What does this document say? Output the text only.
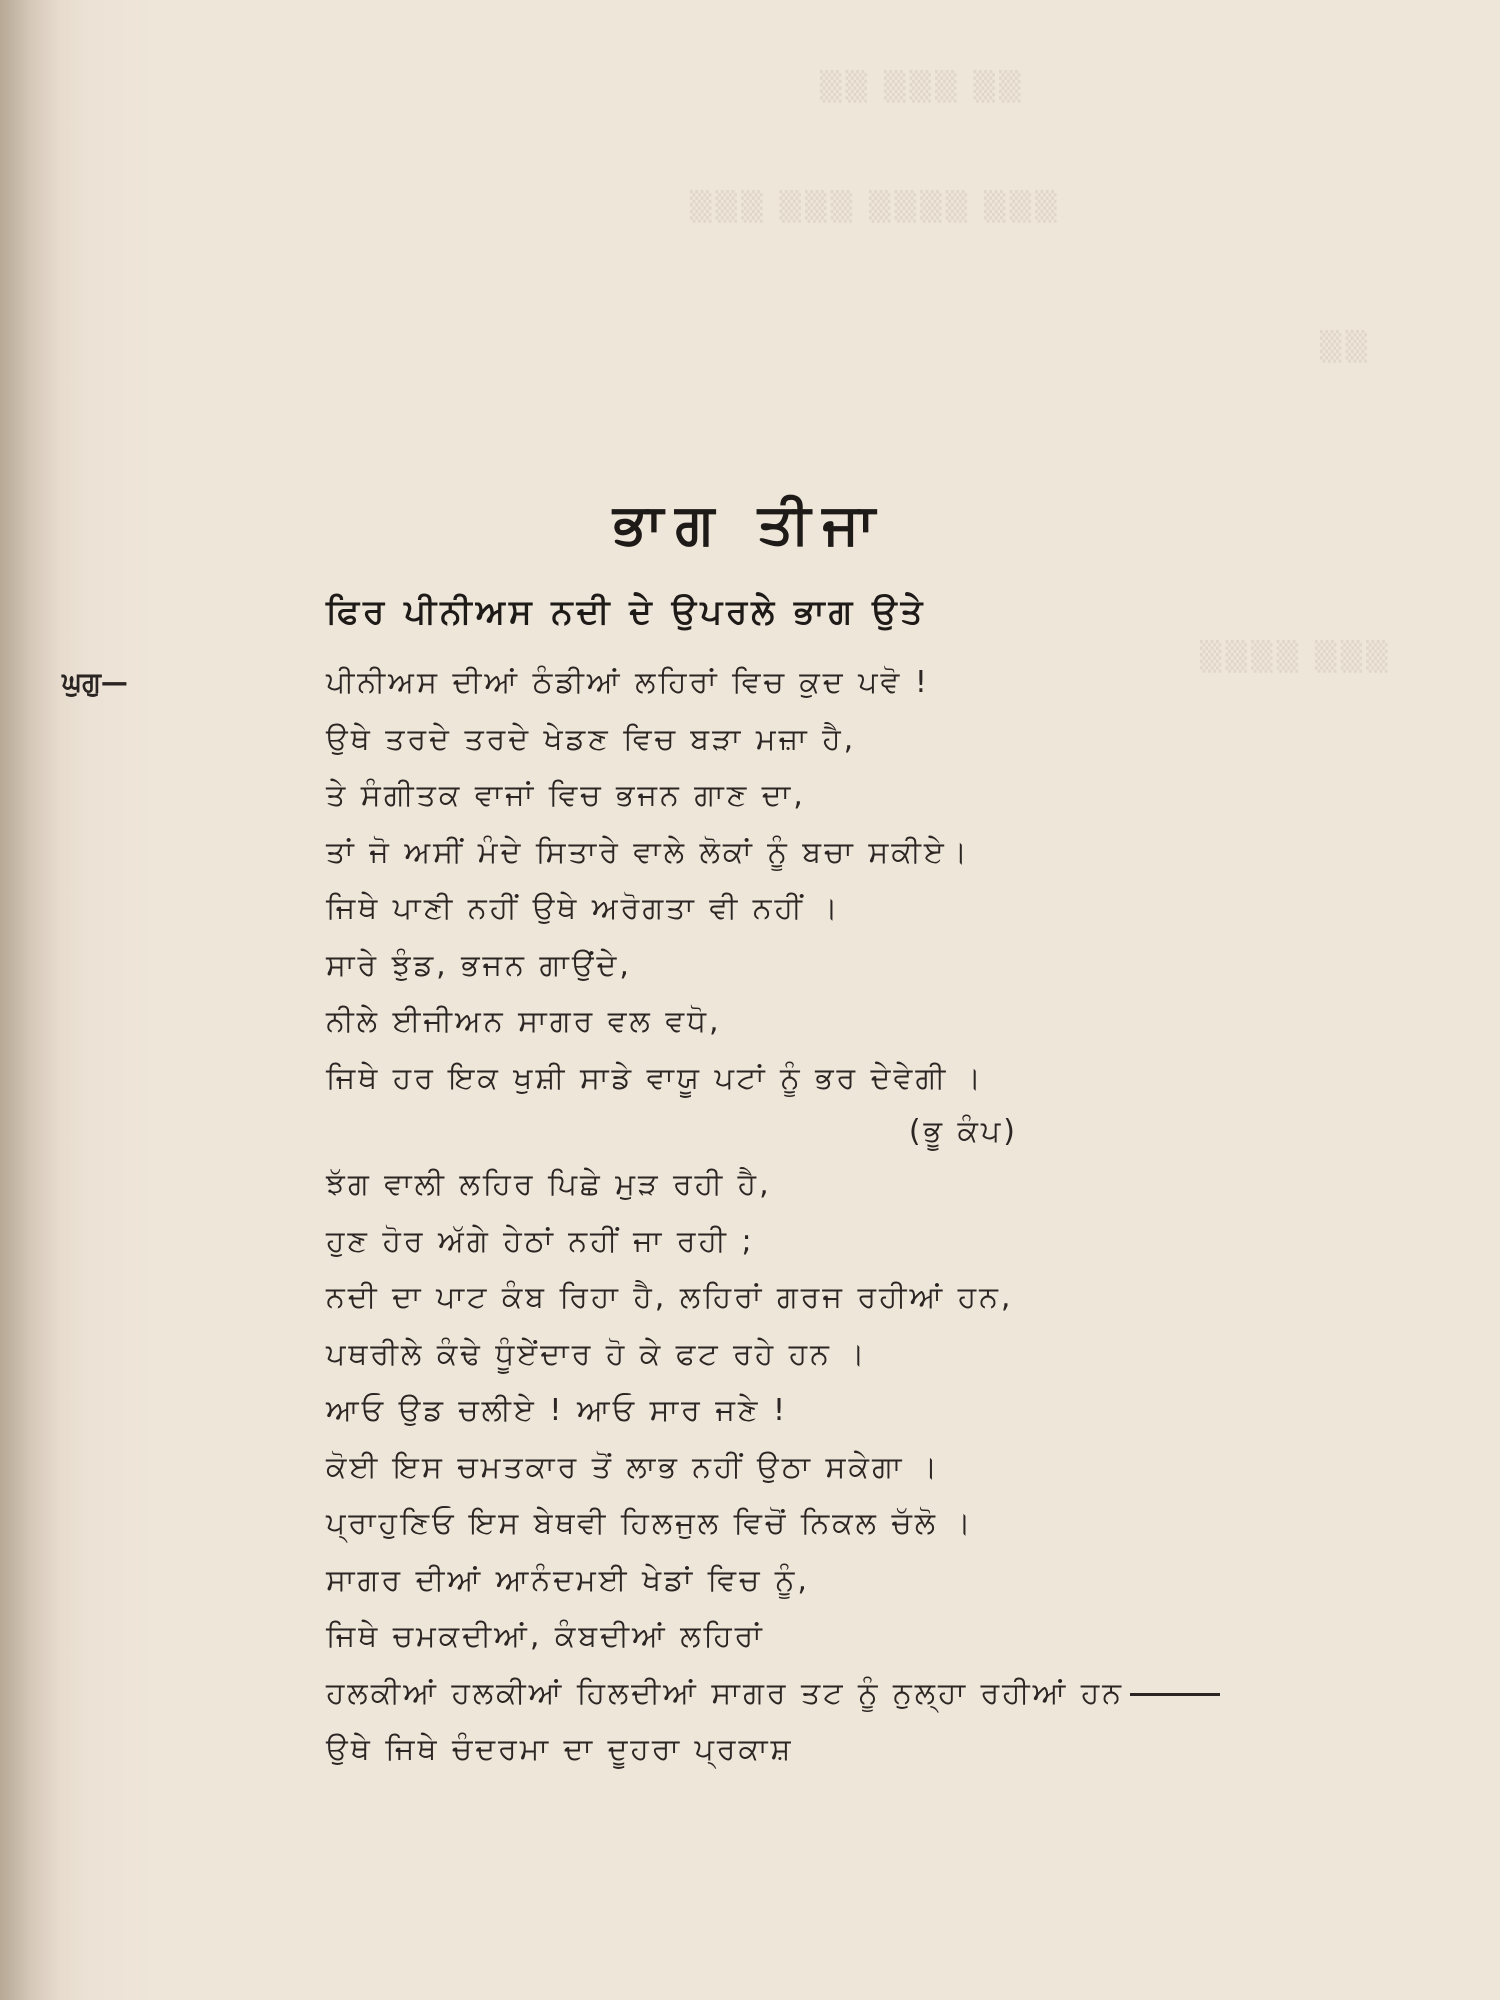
▒▒ ▒▒▒ ▒▒
▒▒▒ ▒▒▒ ▒▒▒▒ ▒▒▒
▒▒
▒▒▒▒ ▒▒▒
ਭਾਗ ਤੀਜਾ
ਫਿਰ ਪੀਨੀਅਸ ਨਦੀ ਦੇ ਉਪਰਲੇ ਭਾਗ ਉਤੇ
ਘੁਗੁ—	ਪੀਨੀਅਸ ਦੀਆਂ ਠੰਡੀਆਂ ਲਹਿਰਾਂ ਵਿਚ ਕੁਦ ਪਵੋ !
ਉਥੇ ਤਰਦੇ ਤਰਦੇ ਖੇਡਣ ਵਿਚ ਬੜਾ ਮਜ਼ਾ ਹੈ,
ਤੇ ਸੰਗੀਤਕ ਵਾਜਾਂ ਵਿਚ ਭਜਨ ਗਾਣ ਦਾ,
ਤਾਂ ਜੋ ਅਸੀਂ ਮੰਦੇ ਸਿਤਾਰੇ ਵਾਲੇ ਲੋਕਾਂ ਨੂੰ ਬਚਾ ਸਕੀਏ।
ਜਿਥੇ ਪਾਣੀ ਨਹੀਂ ਉਥੇ ਅਰੋਗਤਾ ਵੀ ਨਹੀਂ ।
ਸਾਰੇ ਝੁੰਡ, ਭਜਨ ਗਾਉਂਦੇ,
ਨੀਲੇ ਈਜੀਅਨ ਸਾਗਰ ਵਲ ਵਧੋ,
ਜਿਥੇ ਹਰ ਇਕ ਖੁਸ਼ੀ ਸਾਡੇ ਵਾਯੂ ਪਟਾਂ ਨੂੰ ਭਰ ਦੇਵੇਗੀ ।
(ਭੂ ਕੰਪ)
ਝੱਗ ਵਾਲੀ ਲਹਿਰ ਪਿਛੇ ਮੁੜ ਰਹੀ ਹੈ,
ਹੁਣ ਹੋਰ ਅੱਗੇ ਹੇਠਾਂ ਨਹੀਂ ਜਾ ਰਹੀ ;
ਨਦੀ ਦਾ ਪਾਟ ਕੰਬ ਰਿਹਾ ਹੈ, ਲਹਿਰਾਂ ਗਰਜ ਰਹੀਆਂ ਹਨ,
ਪਥਰੀਲੇ ਕੰਢੇ ਧੂੰਏਂਦਾਰ ਹੋ ਕੇ ਫਟ ਰਹੇ ਹਨ ।
ਆਓ ਉਡ ਚਲੀਏ ! ਆਓ ਸਾਰ ਜਣੇ !
ਕੋਈ ਇਸ ਚਮਤਕਾਰ ਤੋਂ ਲਾਭ ਨਹੀਂ ਉਠਾ ਸਕੇਗਾ ।
ਪ੍ਰਾਹੁਣਿਓ ਇਸ ਬੇਥਵੀ ਹਿਲਜੁਲ ਵਿਚੋਂ ਨਿਕਲ ਚੱਲੋ ।
ਸਾਗਰ ਦੀਆਂ ਆਨੰਦਮਈ ਖੇਡਾਂ ਵਿਚ ਨੂੰ,
ਜਿਥੇ ਚਮਕਦੀਆਂ, ਕੰਬਦੀਆਂ ਲਹਿਰਾਂ
ਹਲਕੀਆਂ ਹਲਕੀਆਂ ਹਿਲਦੀਆਂ ਸਾਗਰ ਤਟ ਨੂੰ ਨੁਲ੍ਹਾ ਰਹੀਆਂ ਹਨ
ਉਥੇ ਜਿਥੇ ਚੰਦਰਮਾ ਦਾ ਦੂਹਰਾ ਪ੍ਰਕਾਸ਼
